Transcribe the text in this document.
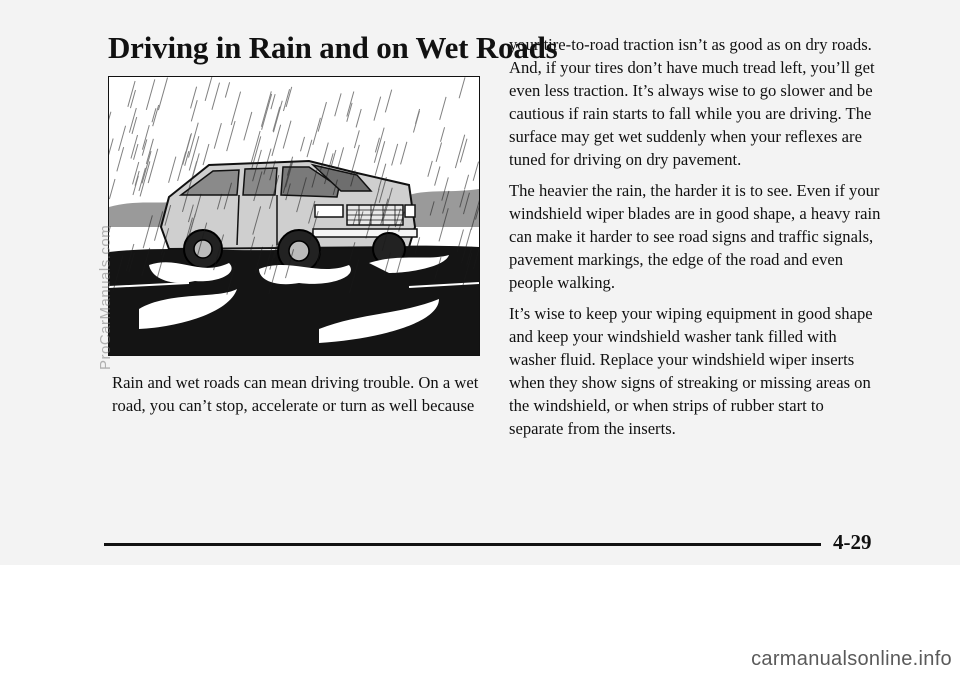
Driving in Rain and on Wet Roads

Rain and wet roads can mean driving trouble. On a wet road, you can’t stop, accelerate or turn as well because

your tire-to-road traction isn’t as good as on dry roads. And, if your tires don’t have much tread left, you’ll get even less traction. It’s always wise to go slower and be cautious if rain starts to fall while you are driving. The surface may get wet suddenly when your reflexes are tuned for driving on dry pavement.

The heavier the rain, the harder it is to see. Even if your windshield wiper blades are in good shape, a heavy rain can make it harder to see road signs and traffic signals, pavement markings, the edge of the road and even people walking.

It’s wise to keep your wiping equipment in good shape and keep your windshield washer tank filled with washer fluid. Replace your windshield wiper inserts when they show signs of streaking or missing areas on the windshield, or when strips of rubber start to separate from the inserts.

4-29
ProCarManuals.com
carmanualsonline.info
